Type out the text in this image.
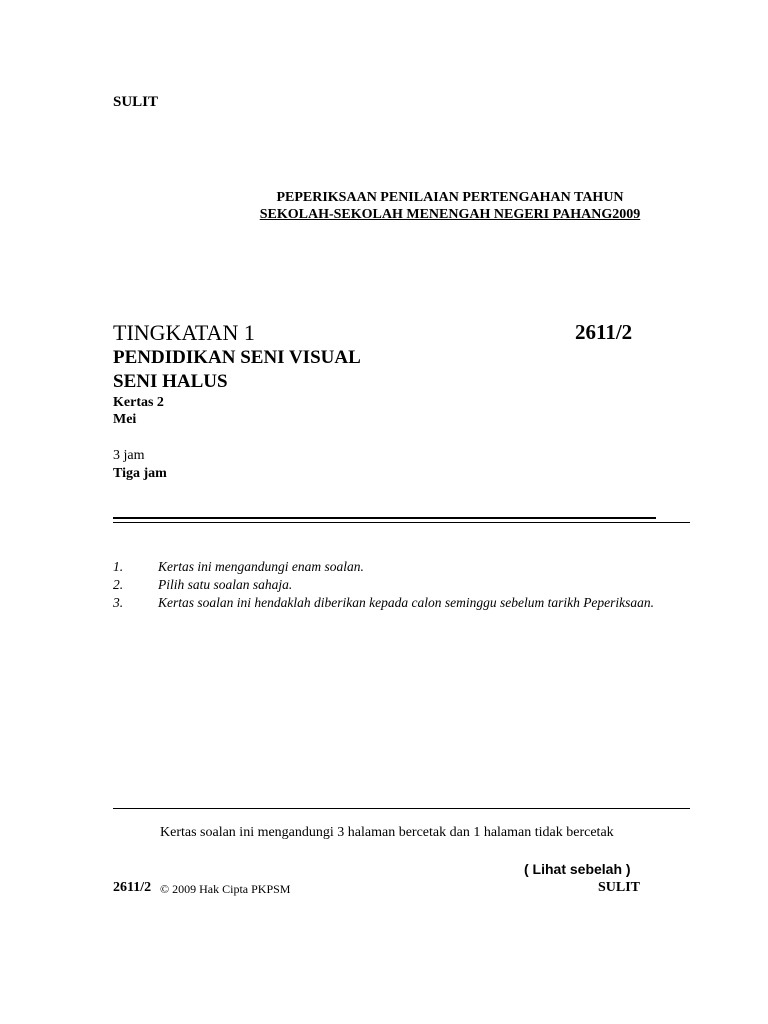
SULIT
PEPERIKSAAN PENILAIAN PERTENGAHAN TAHUN
SEKOLAH-SEKOLAH MENENGAH NEGERI PAHANG2009
TINGKATAN 1	2611/2
PENDIDIKAN SENI VISUAL
SENI HALUS
Kertas 2
Mei
3 jam
Tiga jam
1.	Kertas ini mengandungi enam soalan.
2.	Pilih satu soalan sahaja.
3.	Kertas soalan ini hendaklah diberikan kepada calon seminggu sebelum tarikh Peperiksaan.
Kertas soalan ini mengandungi 3 halaman bercetak dan 1 halaman tidak bercetak
( Lihat sebelah )
2611/2 © 2009 Hak Cipta PKPSM	SULIT
